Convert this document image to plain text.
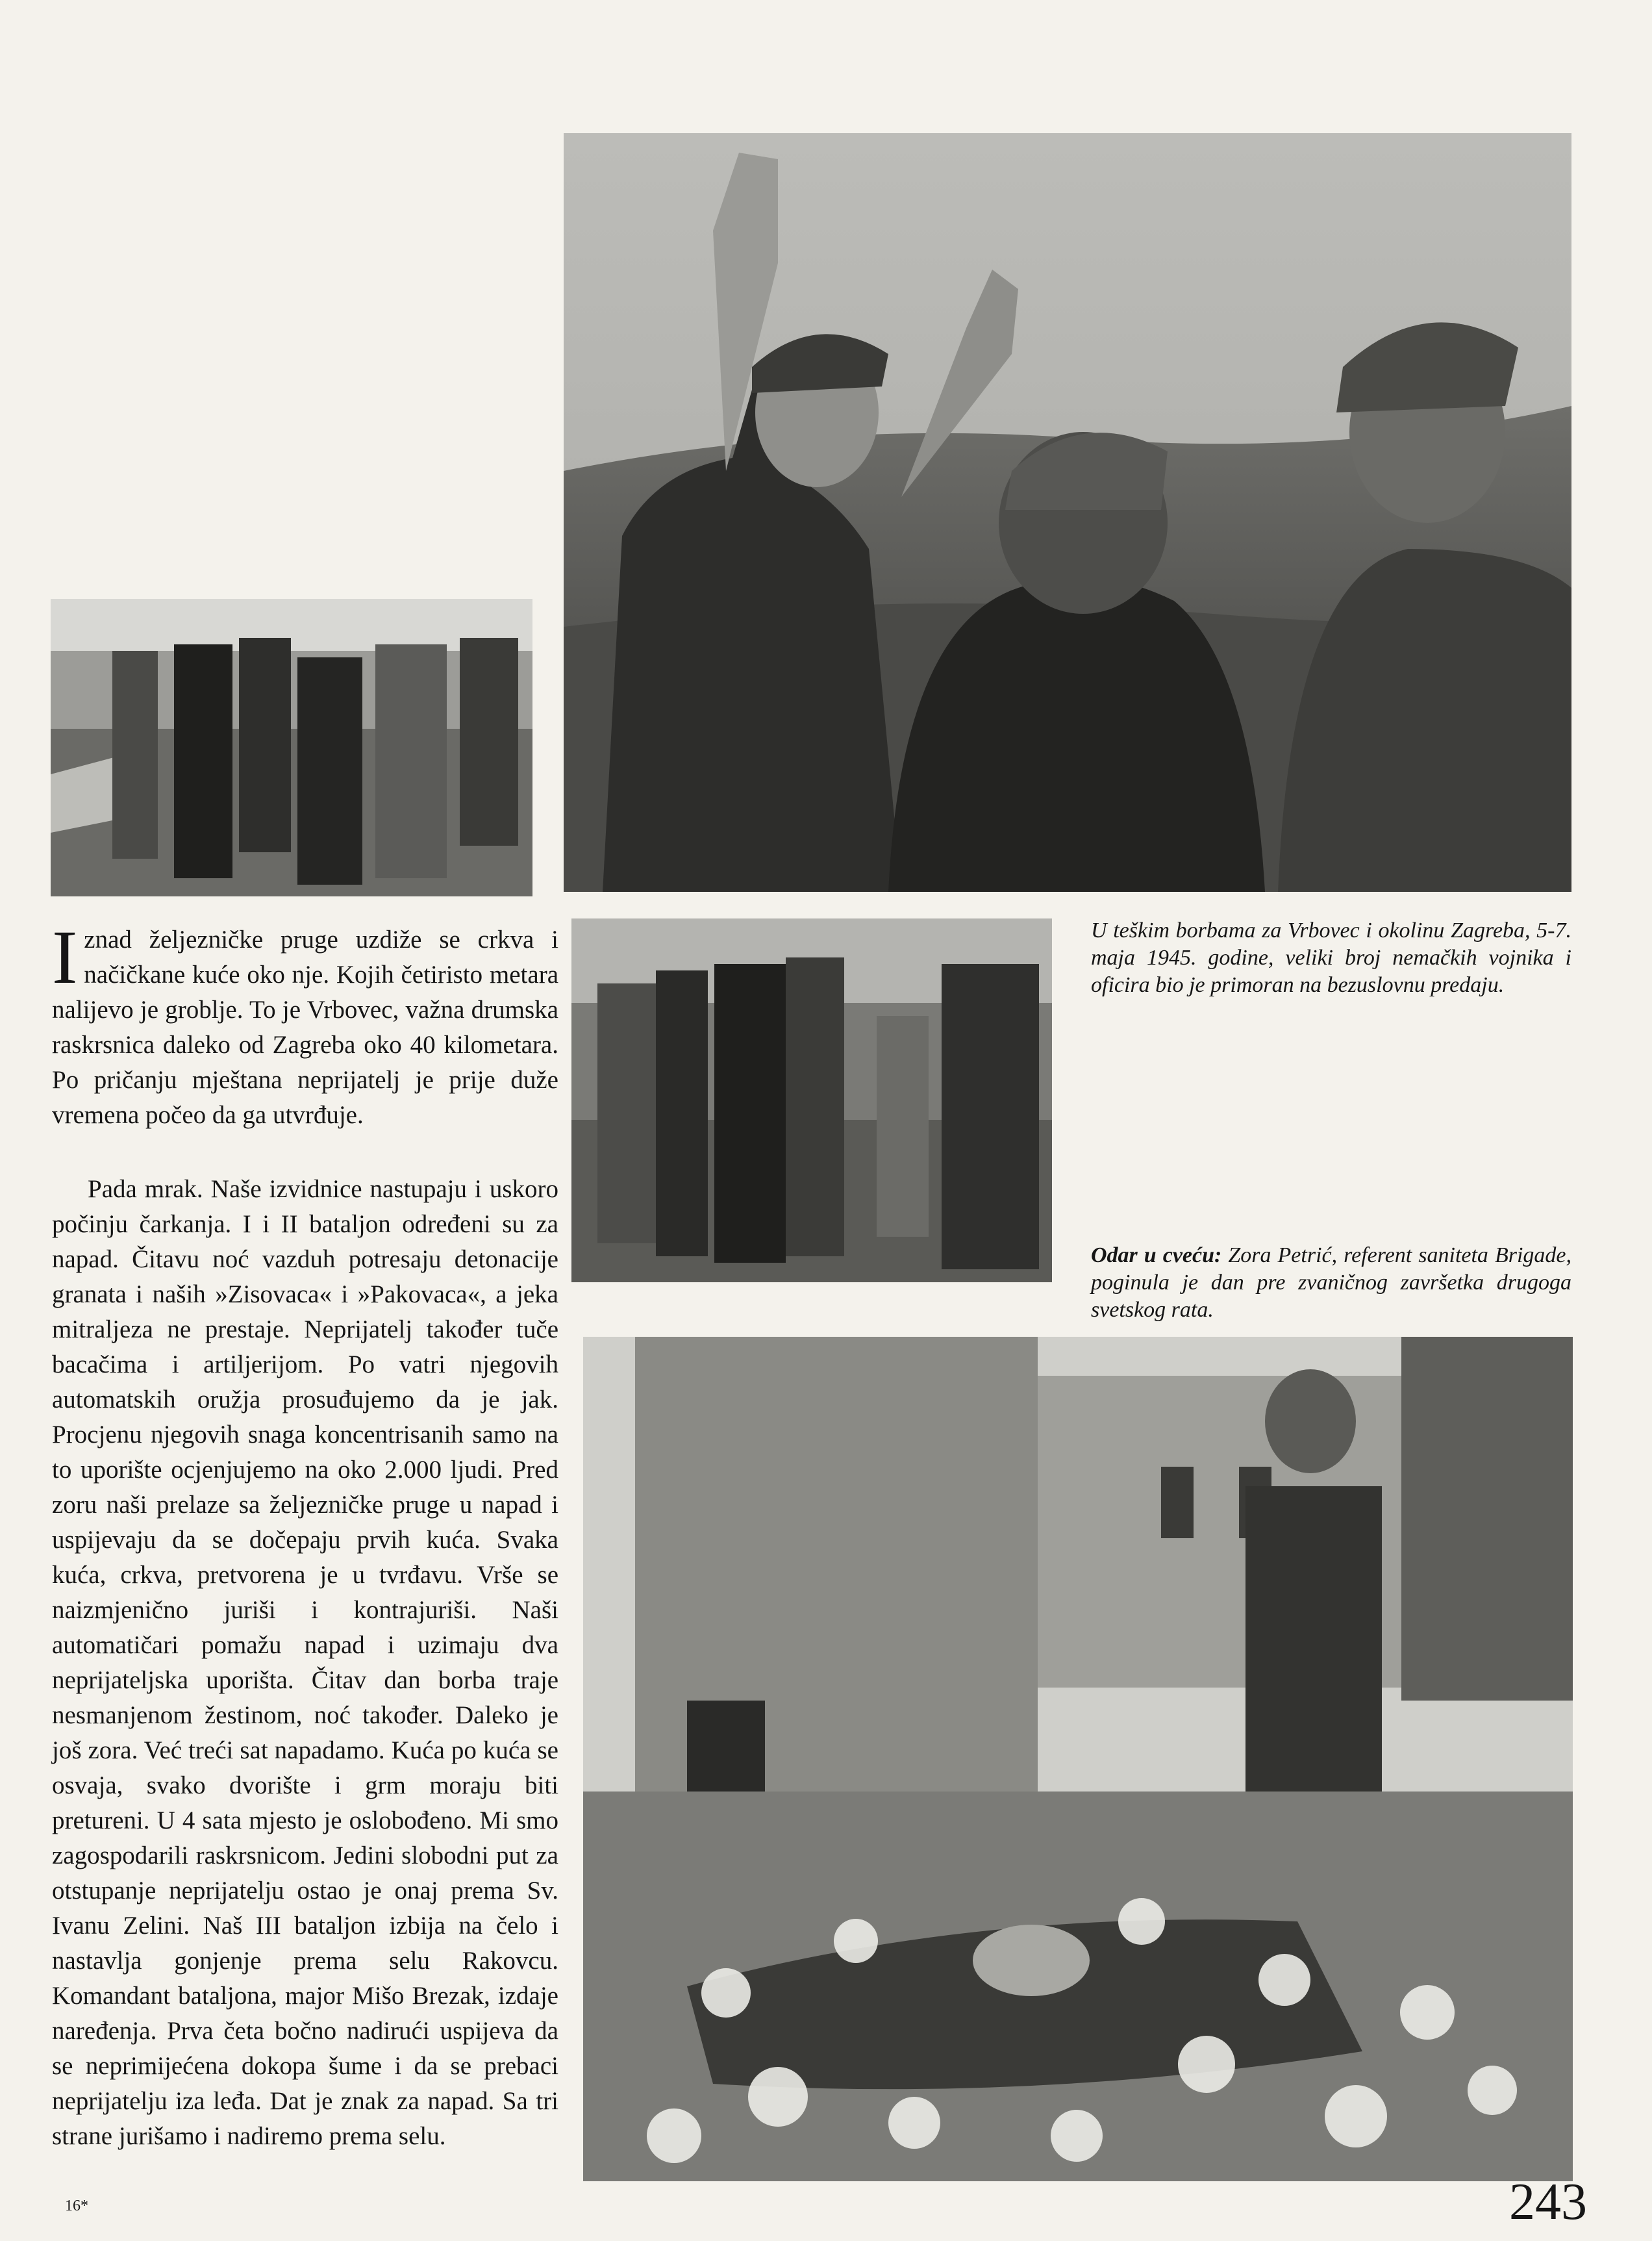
Iznad željezničke pruge uzdiže se crkva i načičkane kuće oko nje. Kojih četiristo metara nalijevo je groblje. To je Vrbovec, važna drumska raskrsnica daleko od Zagreba oko 40 kilometara. Po pričanju mještana neprijatelj je prije duže vremena počeo da ga utvrđuje.

Pada mrak. Naše izvidnice nastupaju i uskoro počinju čarkanja. I i II bataljon određeni su za napad. Čitavu noć vazduh potresaju detonacije granata i naših »Zisovaca« i »Pakovaca«, a jeka mitraljeza ne prestaje. Neprijatelj također tuče bacačima i artiljerijom. Po vatri njegovih automatskih oružja prosuđujemo da je jak. Procjenu njegovih snaga koncentrisanih samo na to uporište ocjenjujemo na oko 2.000 ljudi. Pred zoru naši prelaze sa željezničke pruge u napad i uspijevaju da se dočepaju prvih kuća. Svaka kuća, crkva, pretvorena je u tvrđavu. Vrše se naizmjenično juriši i kontrajuriši. Naši automatičari pomažu napad i uzimaju dva neprijateljska uporišta. Čitav dan borba traje nesmanjenom žestinom, noć također. Daleko je još zora. Već treći sat napadamo. Kuća po kuća se osvaja, svako dvorište i grm moraju biti pretureni. U 4 sata mjesto je oslobođeno. Mi smo zagospodarili raskrsnicom. Jedini slobodni put za otstupanje neprijatelju ostao je onaj prema Sv. Ivanu Zelini. Naš III bataljon izbija na čelo i nastavlja gonjenje prema selu Rakovcu. Komandant bataljona, major Mišo Brezak, izdaje naređenja. Prva četa bočno nadirući uspijeva da se neprimijećena dokopa šume i da se prebaci neprijatelju iza leđa. Dat je znak za napad. Sa tri strane jurišamo i nadiremo prema selu.

U teškim borbama za Vrbovec i okolinu Zagreba, 5-7. maja 1945. godine, veliki broj nemačkih vojnika i oficira bio je primoran na bezuslovnu predaju.
Odar u cveću: Zora Petrić, referent saniteta Brigade, poginula je dan pre zvaničnog završetka drugoga svetskog rata.
16*	243
